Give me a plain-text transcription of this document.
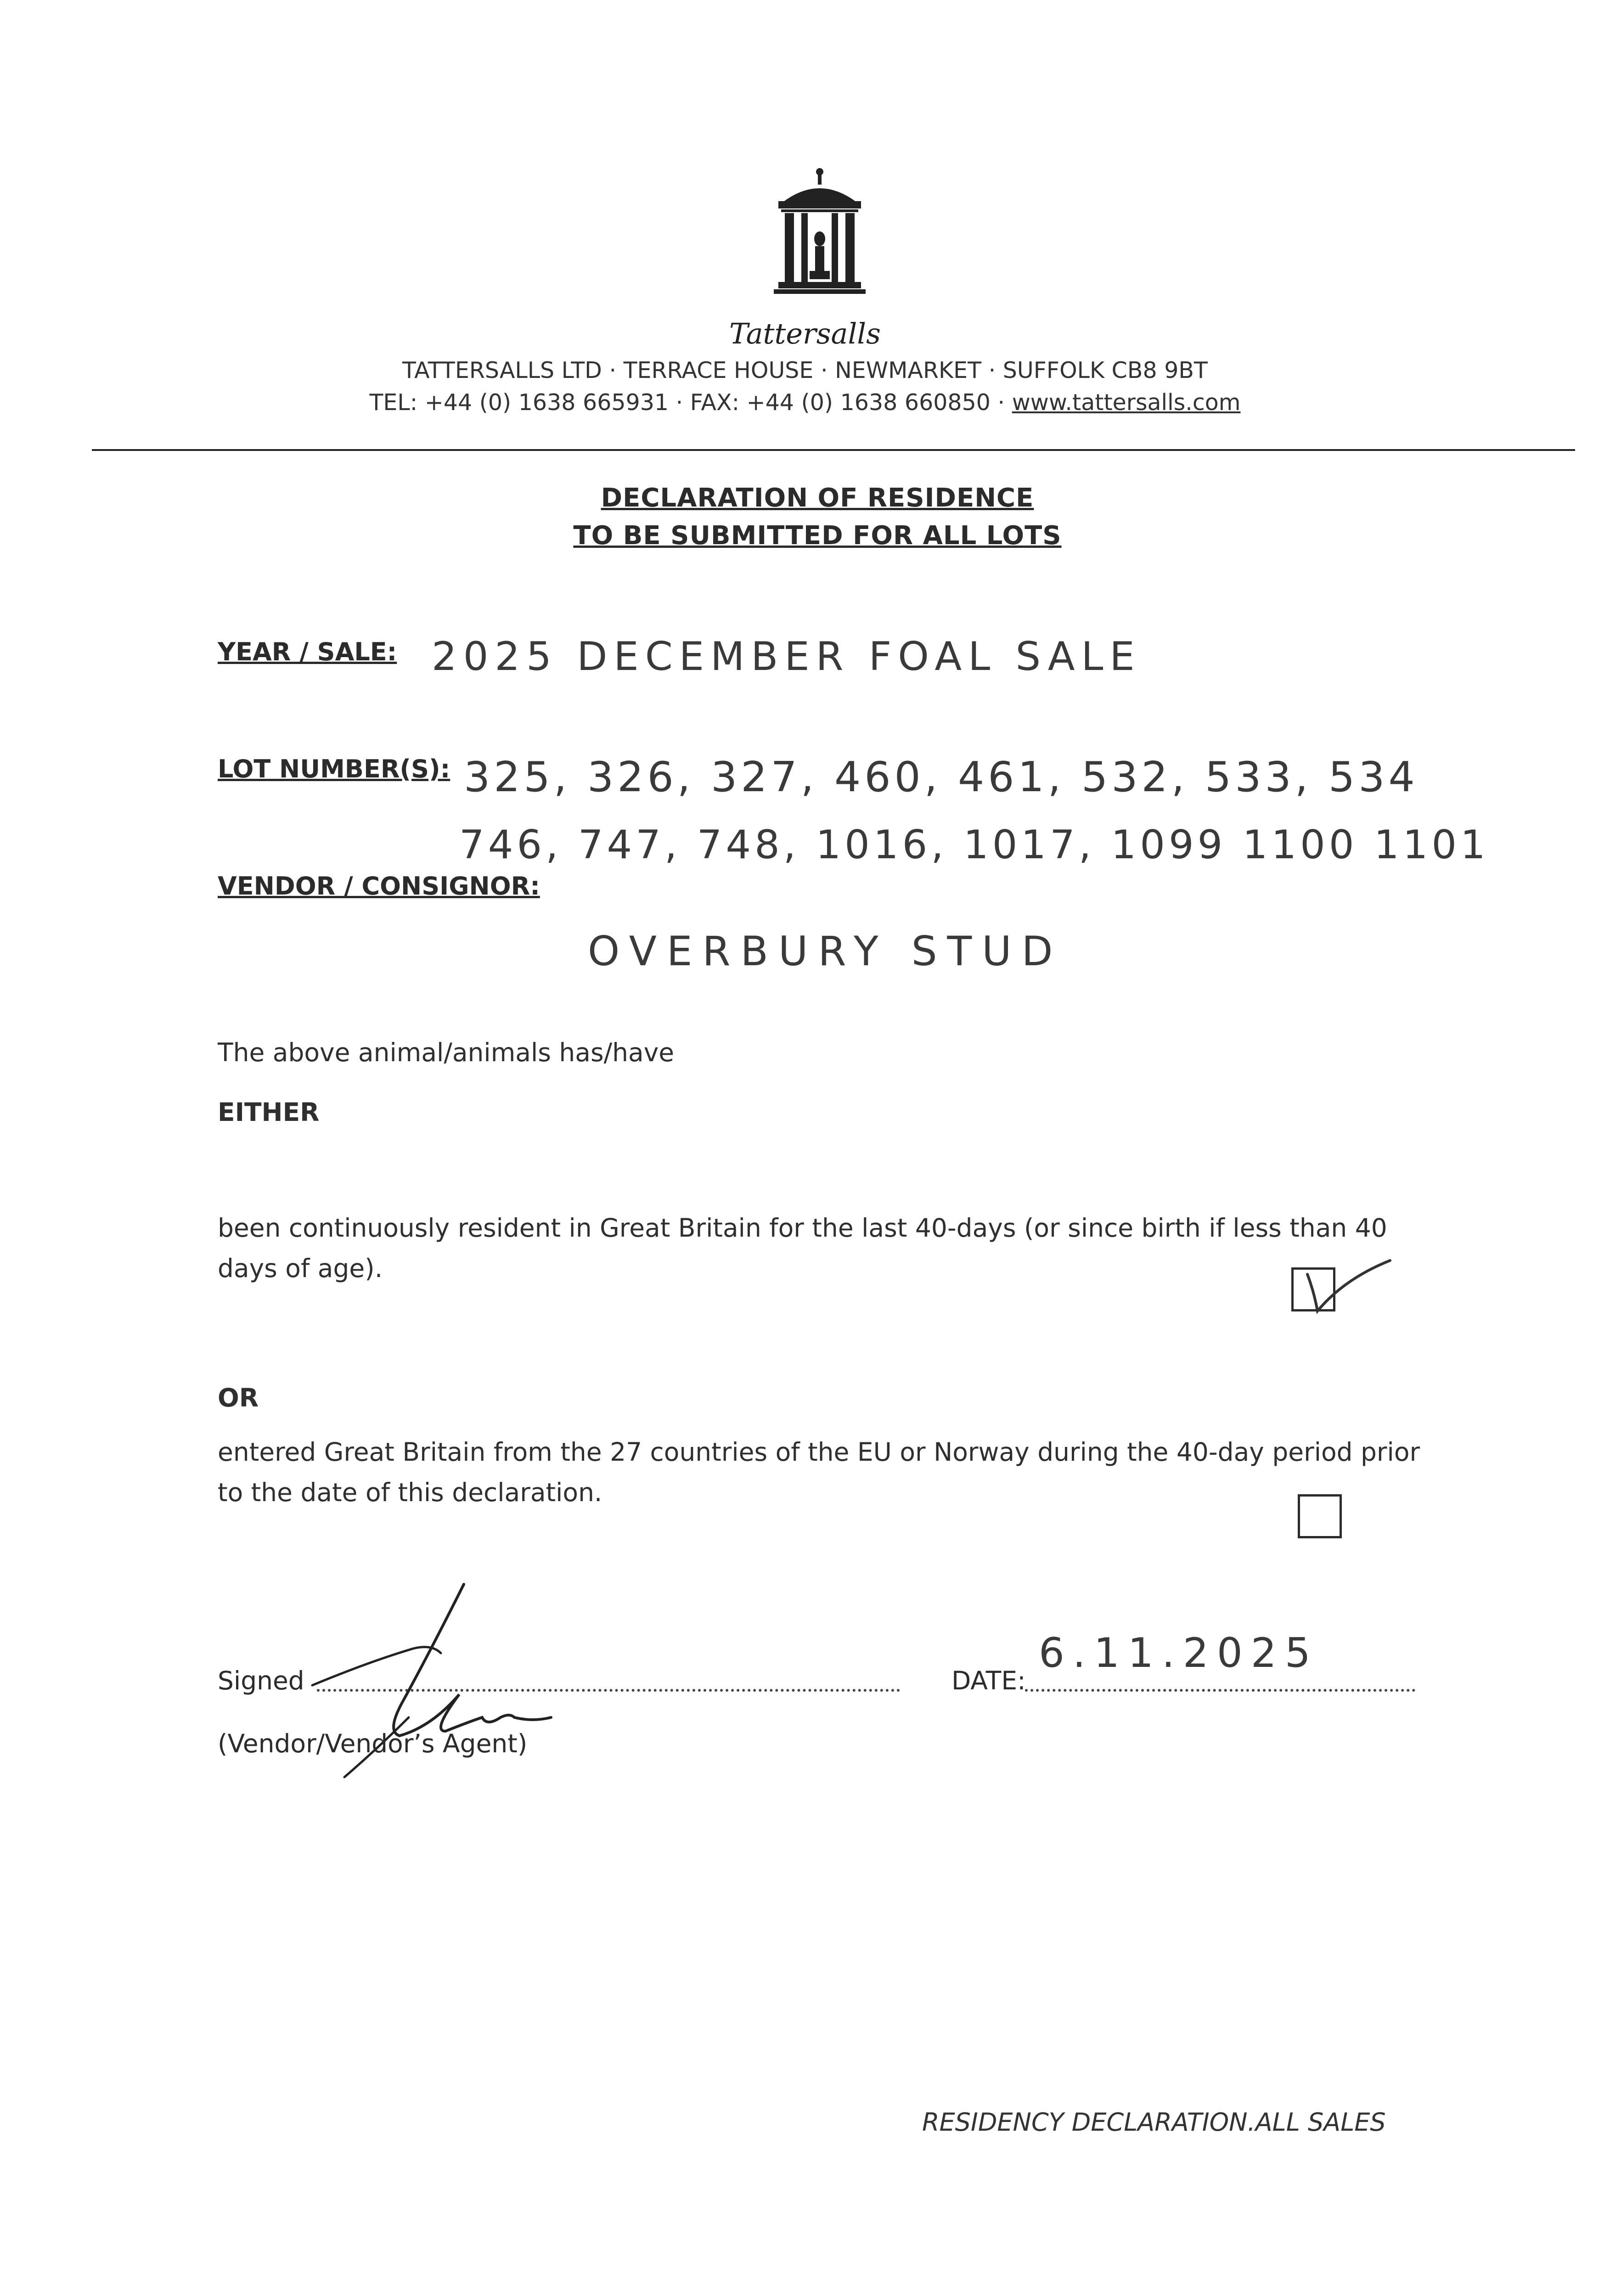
Tattersalls
TATTERSALLS LTD · TERRACE HOUSE · NEWMARKET · SUFFOLK CB8 9BT
TEL: +44 (0) 1638 665931 · FAX: +44 (0) 1638 660850 · www.tattersalls.com
DECLARATION OF RESIDENCE
TO BE SUBMITTED FOR ALL LOTS
YEAR / SALE: 2025 DECEMBER FOAL SALE
LOT NUMBER(S): 325, 326, 327, 460, 461, 532, 533, 534
746, 747, 748, 1016, 1017, 1099 1100 1101
VENDOR / CONSIGNOR:
OVERBURY STUD
The above animal/animals has/have
EITHER
been continuously resident in Great Britain for the last 40-days (or since birth if less than 40 days of age).
OR
entered Great Britain from the 27 countries of the EU or Norway during the 40-day period prior to the date of this declaration.
Signed
(Vendor/Vendor’s Agent)
DATE:
6.11.2025
RESIDENCY DECLARATION.ALL SALES
